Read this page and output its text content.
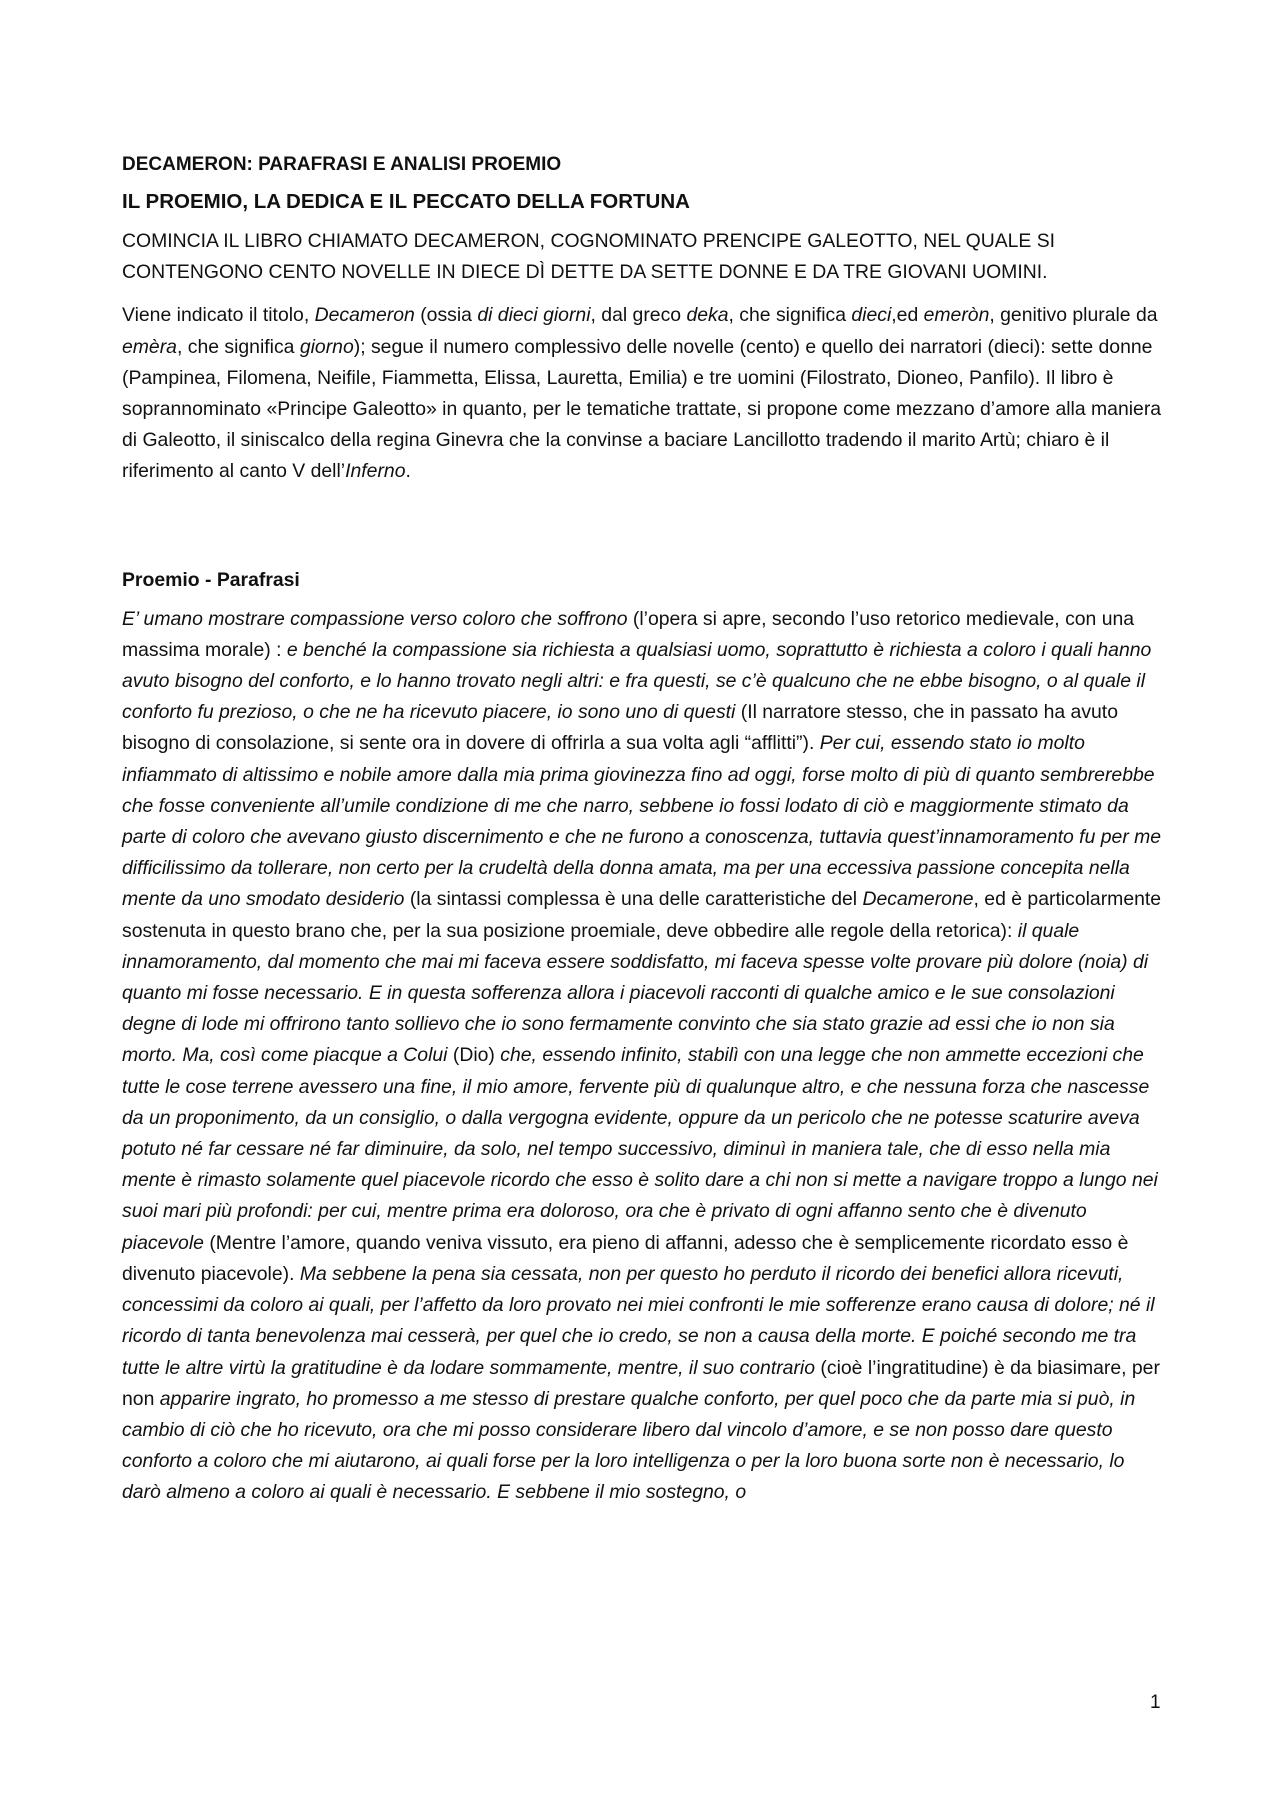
DECAMERON: PARAFRASI E ANALISI PROEMIO
IL PROEMIO, LA DEDICA E IL PECCATO DELLA FORTUNA
COMINCIA IL LIBRO CHIAMATO DECAMERON, COGNOMINATO PRENCIPE GALEOTTO, NEL QUALE SI CONTENGONO CENTO NOVELLE IN DIECE DÌ DETTE DA SETTE DONNE E DA TRE GIOVANI UOMINI.
Viene indicato il titolo, Decameron (ossia di dieci giorni, dal greco deka, che significa dieci,ed emeròn, genitivo plurale da emèra, che significa giorno); segue il numero complessivo delle novelle (cento) e quello dei narratori (dieci): sette donne (Pampinea, Filomena, Neifile, Fiammetta, Elissa, Lauretta, Emilia) e tre uomini (Filostrato, Dioneo, Panfilo). Il libro è soprannominato «Principe Galeotto» in quanto, per le tematiche trattate, si propone come mezzano d’amore alla maniera di Galeotto, il siniscalco della regina Ginevra che la convinse a baciare Lancillotto tradendo il marito Artù; chiaro è il riferimento al canto V dell’Inferno.
Proemio - Parafrasi
E’ umano mostrare compassione verso coloro che soffrono (l’opera si apre, secondo l’uso retorico medievale, con una massima morale) : e benché la compassione sia richiesta a qualsiasi uomo, soprattutto è richiesta a coloro i quali hanno avuto bisogno del conforto, e lo hanno trovato negli altri: e fra questi, se c’è qualcuno che ne ebbe bisogno, o al quale il conforto fu prezioso, o che ne ha ricevuto piacere, io sono uno di questi (Il narratore stesso, che in passato ha avuto bisogno di consolazione, si sente ora in dovere di offrirla a sua volta agli “afflitti”). Per cui, essendo stato io molto infiammato di altissimo e nobile amore dalla mia prima giovinezza fino ad oggi, forse molto di più di quanto sembrerebbe che fosse conveniente all’umile condizione di me che narro, sebbene io fossi lodato di ciò e maggiormente stimato da parte di coloro che avevano giusto discernimento e che ne furono a conoscenza, tuttavia quest’innamoramento fu per me difficilissimo da tollerare, non certo per la crudeltà della donna amata, ma per una eccessiva passione concepita nella mente da uno smodato desiderio (la sintassi complessa è una delle caratteristiche del Decamerone, ed è particolarmente sostenuta in questo brano che, per la sua posizione proemiale, deve obbedire alle regole della retorica): il quale innamoramento, dal momento che mai mi faceva essere soddisfatto, mi faceva spesse volte provare più dolore (noia) di quanto mi fosse necessario. E in questa sofferenza allora i piacevoli racconti di qualche amico e le sue consolazioni degne di lode mi offrirono tanto sollievo che io sono fermamente convinto che sia stato grazie ad essi che io non sia morto. Ma, così come piacque a Colui (Dio) che, essendo infinito, stabilì con una legge che non ammette eccezioni che tutte le cose terrene avessero una fine, il mio amore, fervente più di qualunque altro, e che nessuna forza che nascesse da un proponimento, da un consiglio, o dalla vergogna evidente, oppure da un pericolo che ne potesse scaturire aveva potuto né far cessare né far diminuire, da solo, nel tempo successivo, diminuì in maniera tale, che di esso nella mia mente è rimasto solamente quel piacevole ricordo che esso è solito dare a chi non si mette a navigare troppo a lungo nei suoi mari più profondi: per cui, mentre prima era doloroso, ora che è privato di ogni affanno sento che è divenuto piacevole (Mentre l’amore, quando veniva vissuto, era pieno di affanni, adesso che è semplicemente ricordato esso è divenuto piacevole). Ma sebbene la pena sia cessata, non per questo ho perduto il ricordo dei benefici allora ricevuti, concessimi da coloro ai quali, per l’affetto da loro provato nei miei confronti le mie sofferenze erano causa di dolore; né il ricordo di tanta benevolenza mai cesserà, per quel che io credo, se non a causa della morte. E poiché secondo me tra tutte le altre virtù la gratitudine è da lodare sommamente, mentre, il suo contrario (cioè l’ingratitudine) è da biasimare, per non apparire ingrato, ho promesso a me stesso di prestare qualche conforto, per quel poco che da parte mia si può, in cambio di ciò che ho ricevuto, ora che mi posso considerare libero dal vincolo d’amore, e se non posso dare questo conforto a coloro che mi aiutarono, ai quali forse per la loro intelligenza o per la loro buona sorte non è necessario, lo darò almeno a coloro ai quali è necessario. E sebbene il mio sostegno, o
1
